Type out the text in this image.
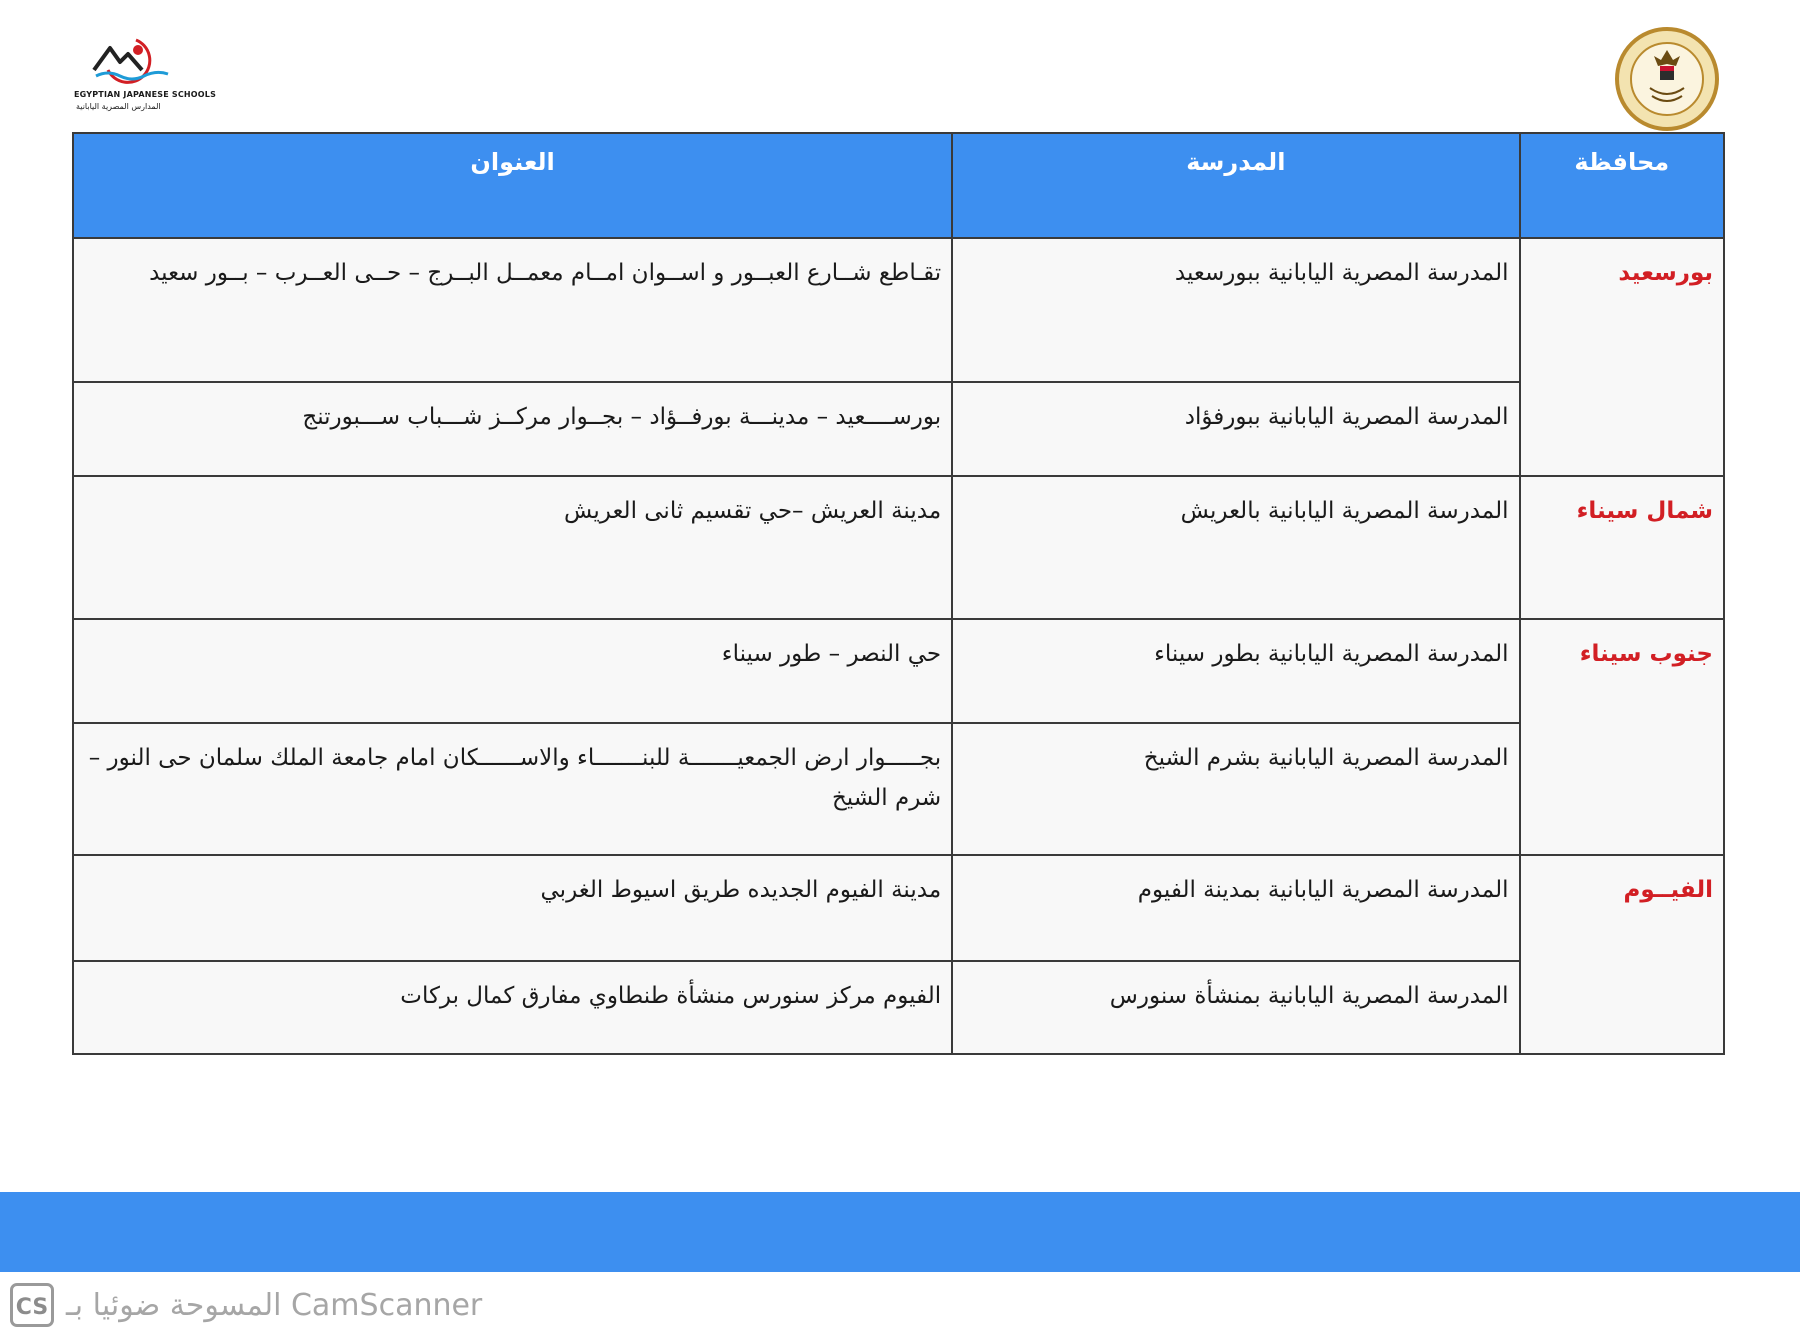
EGYPTIAN JAPANESE SCHOOLS
المدارس المصرية اليابانية
محافظة	المدرسة	العنوان
بورسعيد	المدرسة المصرية اليابانية ببورسعيد	تقـاطع شــارع العبــور و اســوان امــام معمــل البــرج – حــى العــرب – بــور سعيد
	المدرسة المصرية اليابانية ببورفؤاد	بورســــعيد – مدينـــة بورفــؤاد – بجــوار مركــز شـــباب ســـبورتنج
شمال سيناء	المدرسة المصرية اليابانية بالعريش	مدينة العريش –حي تقسيم ثانى العريش
جنوب سيناء	المدرسة المصرية اليابانية بطور سيناء	حي النصر – طور سيناء
	المدرسة المصرية اليابانية بشرم الشيخ	بجـــــوار ارض الجمعيـــــــة للبنـــــــاء والاســــــكان امام جامعة الملك سلمان حى النور – شرم الشيخ
الفيــوم	المدرسة المصرية اليابانية بمدينة الفيوم	مدينة الفيوم الجديده طريق اسيوط الغربي
	المدرسة المصرية اليابانية بمنشأة سنورس	الفيوم مركز سنورس منشأة طنطاوي مفارق كمال بركات
CS المسوحة ضوئيا بـ CamScanner
